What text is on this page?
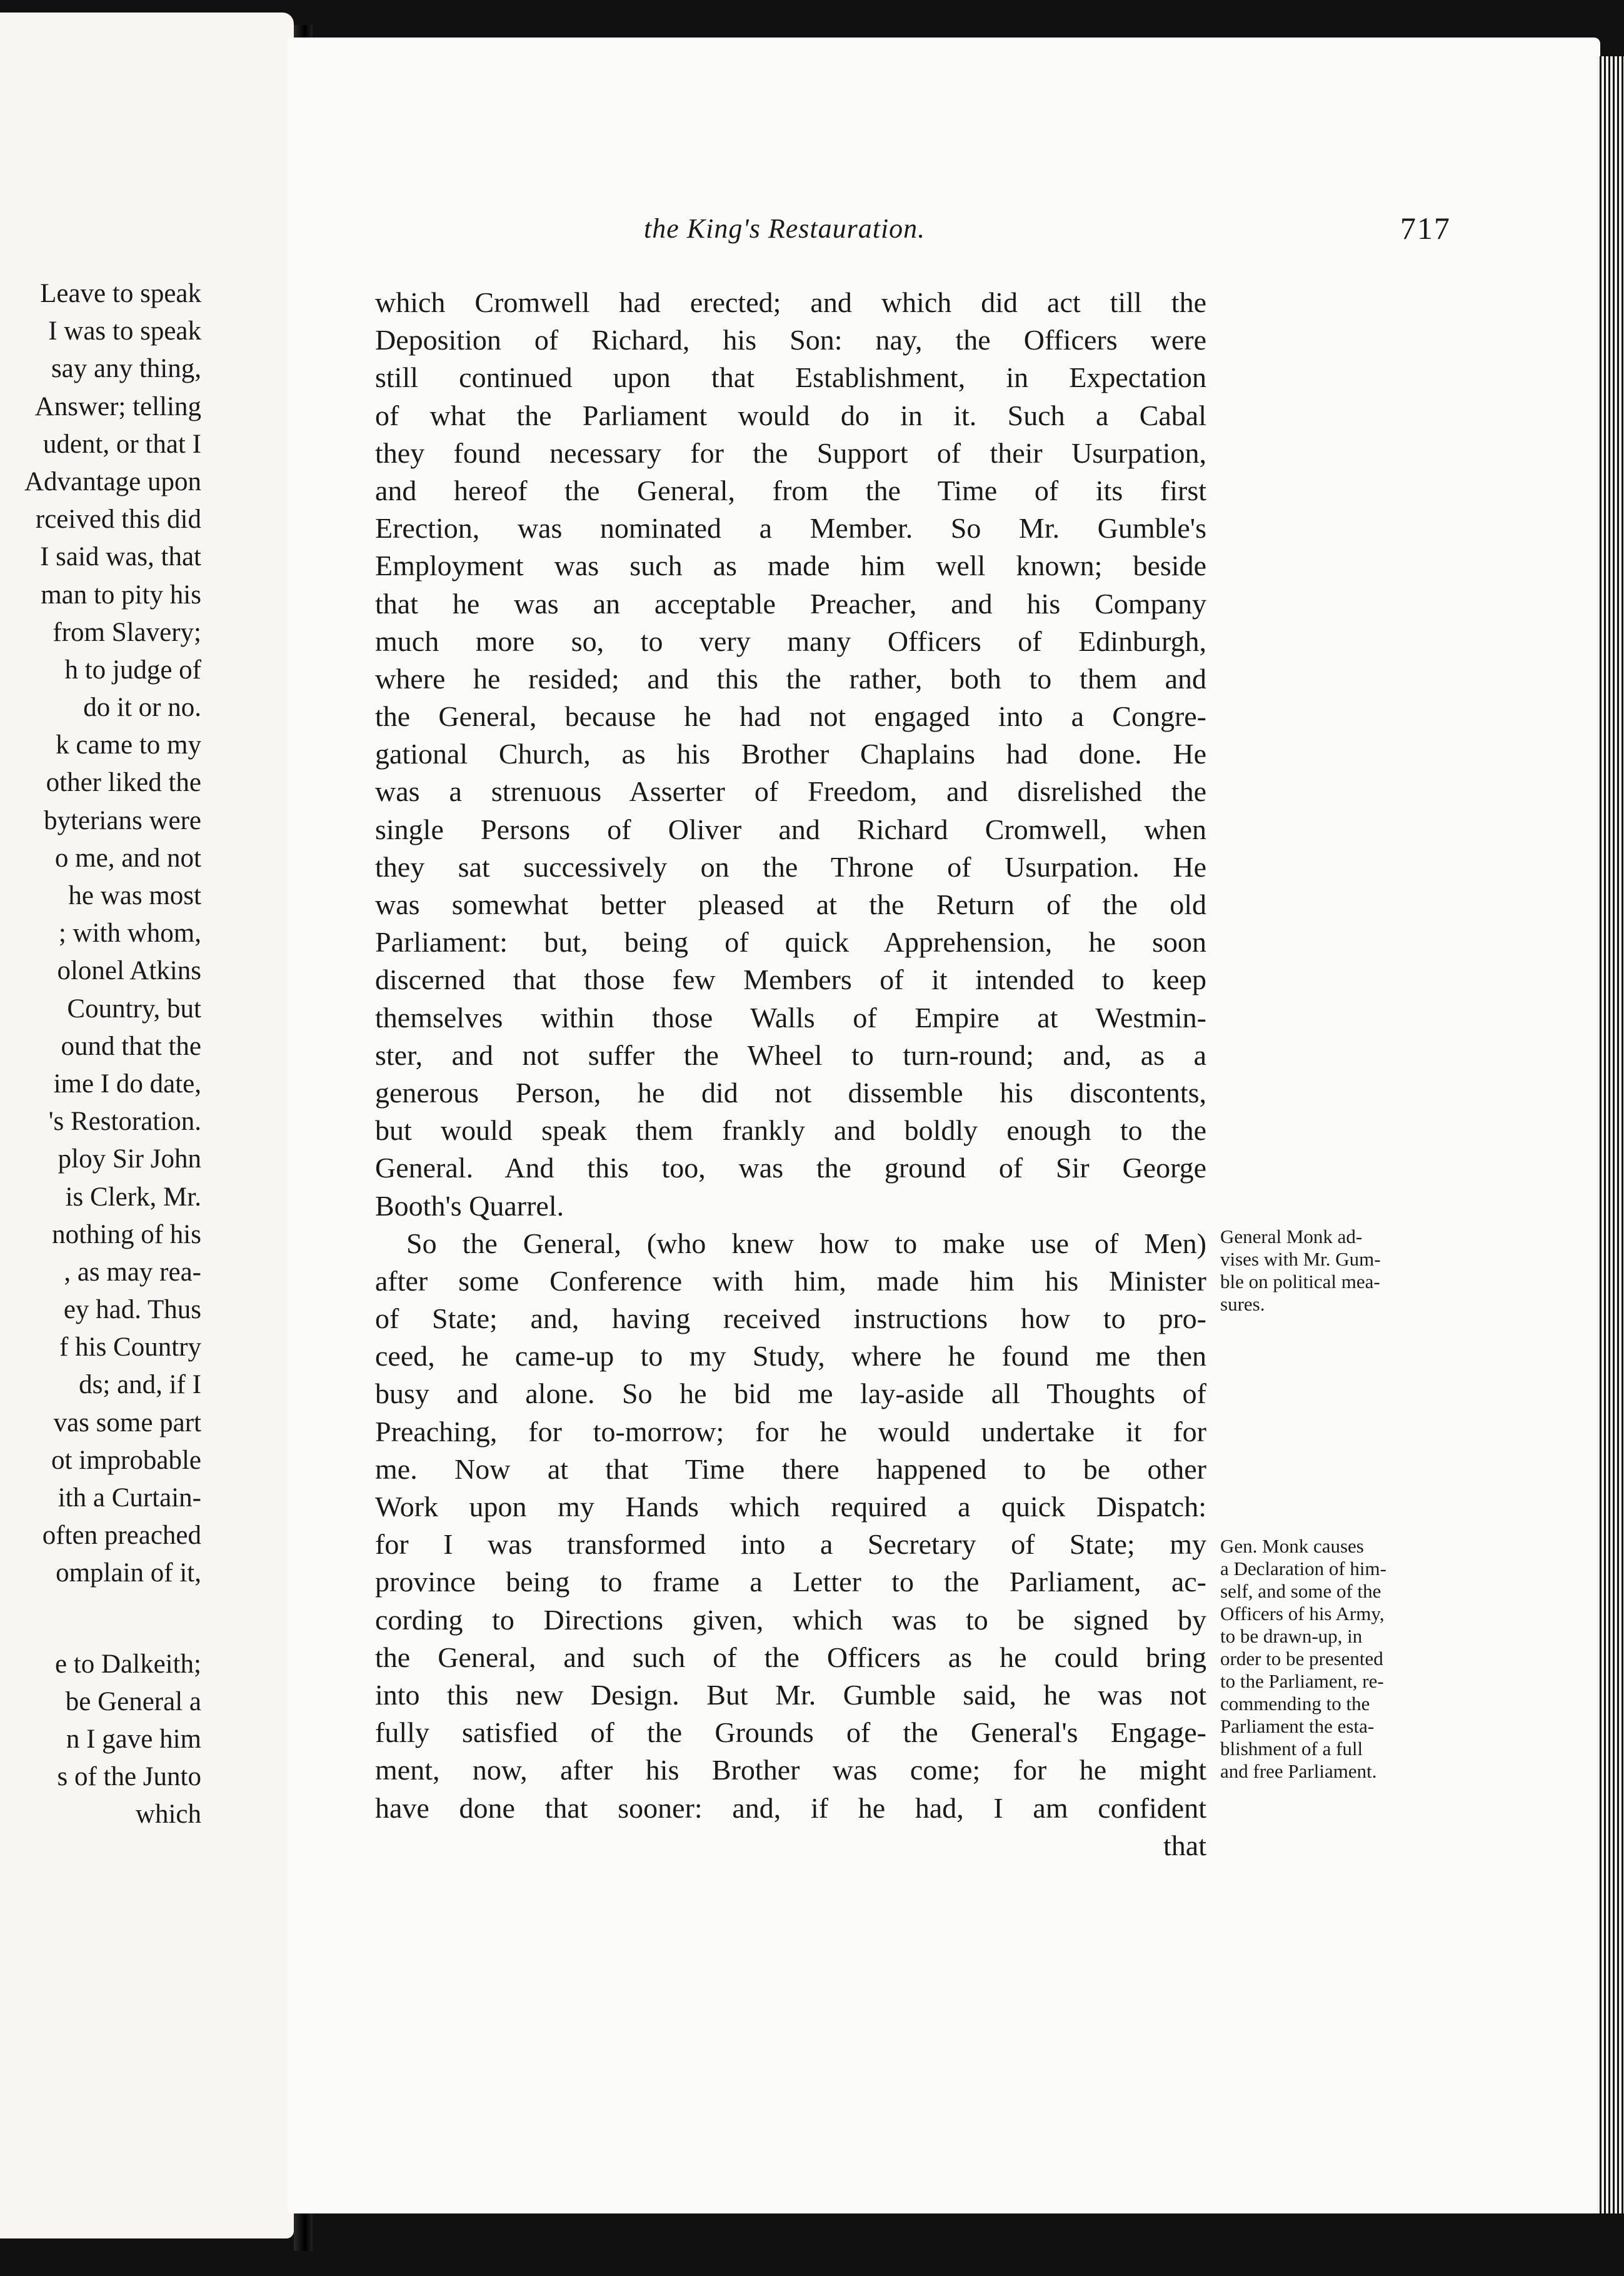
Leave to speak
I was to speak
say any thing,
Answer; telling
udent, or that I
Advantage upon
rceived this did
I said was, that
man to pity his
from Slavery;
h to judge of
do it or no.
k came to my
other liked the
byterians were
o me, and not
he was most
; with whom,
olonel Atkins
Country, but
ound that the
ime I do date,
's Restoration.
ploy Sir John
is Clerk, Mr.
nothing of his
, as may rea-
ey had. Thus
f his Country
ds; and, if I
vas some part
ot improbable
ith a Curtain-
often preached
omplain of it,
e to Dalkeith;
be General a
n I gave him
s of the Junto
which
the King's Restauration.	717
which Cromwell had erected; and which did act till the
Deposition of Richard, his Son: nay, the Officers were
still continued upon that Establishment, in Expectation
of what the Parliament would do in it. Such a Cabal
they found necessary for the Support of their Usurpation,
and hereof the General, from the Time of its first
Erection, was nominated a Member. So Mr. Gumble's
Employment was such as made him well known; beside
that he was an acceptable Preacher, and his Company
much more so, to very many Officers of Edinburgh,
where he resided; and this the rather, both to them and
the General, because he had not engaged into a Congre-
gational Church, as his Brother Chaplains had done. He
was a strenuous Asserter of Freedom, and disrelished the
single Persons of Oliver and Richard Cromwell, when
they sat successively on the Throne of Usurpation. He
was somewhat better pleased at the Return of the old
Parliament: but, being of quick Apprehension, he soon
discerned that those few Members of it intended to keep
themselves within those Walls of Empire at Westmin-
ster, and not suffer the Wheel to turn-round; and, as a
generous Person, he did not dissemble his discontents,
but would speak them frankly and boldly enough to the
General. And this too, was the ground of Sir George
Booth's Quarrel.
So the General, (who knew how to make use of Men)
after some Conference with him, made him his Minister
of State; and, having received instructions how to pro-
ceed, he came-up to my Study, where he found me then
busy and alone. So he bid me lay-aside all Thoughts of
Preaching, for to-morrow; for he would undertake it for
me. Now at that Time there happened to be other
Work upon my Hands which required a quick Dispatch:
for I was transformed into a Secretary of State; my
province being to frame a Letter to the Parliament, ac-
cording to Directions given, which was to be signed by
the General, and such of the Officers as he could bring
into this new Design. But Mr. Gumble said, he was not
fully satisfied of the Grounds of the General's Engage-
ment, now, after his Brother was come; for he might
have done that sooner: and, if he had, I am confident
that
General Monk ad-
vises with Mr. Gum-
ble on political mea-
sures.
Gen. Monk causes
a Declaration of him-
self, and some of the
Officers of his Army,
to be drawn-up, in
order to be presented
to the Parliament, re-
commending to the
Parliament the esta-
blishment of a full
and free Parliament.
